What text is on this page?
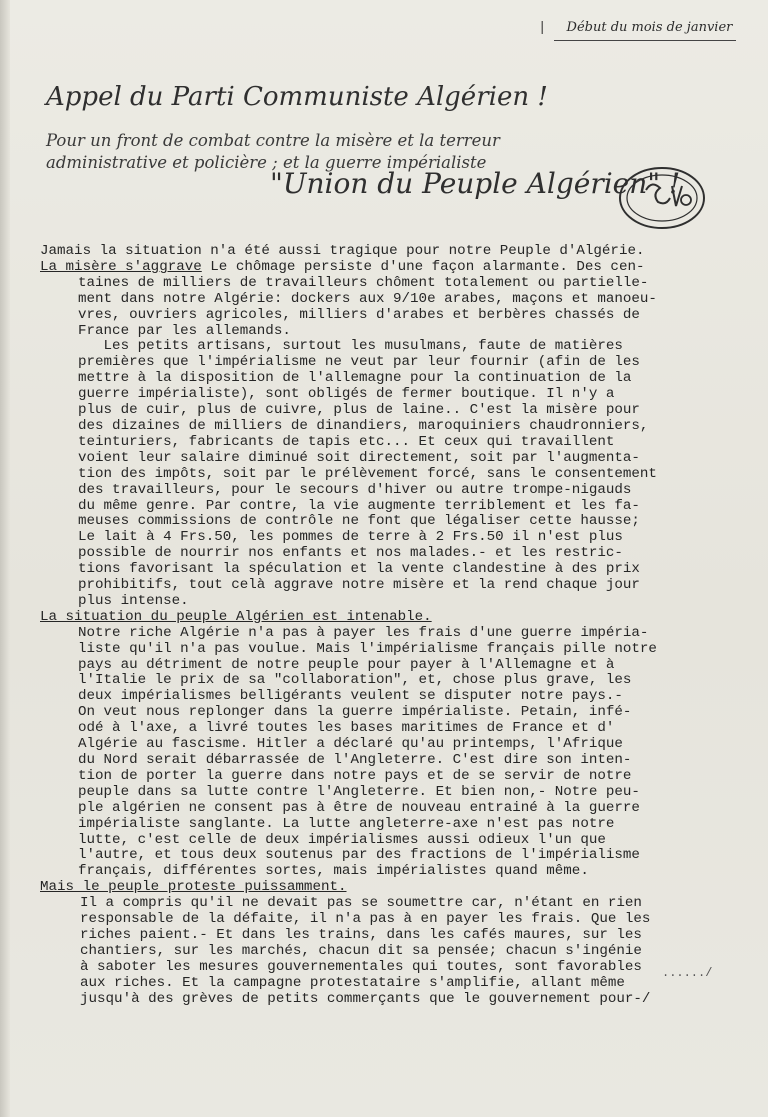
| Début du mois de janvier
Appel du Parti Communiste Algérien !
Pour un front de combat contre la misère et la terreur
administrative et policière ; et la guerre impérialiste
"Union du Peuple Algérien" !
Jamais la situation n'a été aussi tragique pour notre Peuple d'Algérie.
La misère s'aggrave Le chômage persiste d'une façon alarmante. Des cen-
taines de milliers de travailleurs chôment totalement ou partielle-
ment dans notre Algérie: dockers aux 9/10e arabes, maçons et manoeu-
vres, ouvriers agricoles, milliers d'arabes et berbères chassés de
France par les allemands.
Les petits artisans, surtout les musulmans, faute de matières
premières que l'impérialisme ne veut par leur fournir (afin de les
mettre à la disposition de l'allemagne pour la continuation de la
guerre impérialiste), sont obligés de fermer boutique. Il n'y a
plus de cuir, plus de cuivre, plus de laine.. C'est la misère pour
des dizaines de milliers de dinandiers, maroquiniers chaudronniers,
teinturiers, fabricants de tapis etc... Et ceux qui travaillent
voient leur salaire diminué soit directement, soit par l'augmenta-
tion des impôts, soit par le prélèvement forcé, sans le consentement
des travailleurs, pour le secours d'hiver ou autre trompe-nigauds
du même genre. Par contre, la vie augmente terriblement et les fa-
meuses commissions de contrôle ne font que légaliser cette hausse;
Le lait à 4 Frs.50, les pommes de terre à 2 Frs.50 il n'est plus
possible de nourrir nos enfants et nos malades.- et les restric-
tions favorisant la spéculation et la vente clandestine à des prix
prohibitifs, tout celà aggrave notre misère et la rend chaque jour
plus intense.
La situation du peuple Algérien est intenable.
Notre riche Algérie n'a pas à payer les frais d'une guerre impéria-
liste qu'il n'a pas voulue. Mais l'impérialisme français pille notre
pays au détriment de notre peuple pour payer à l'Allemagne et à
l'Italie le prix de sa "collaboration", et, chose plus grave, les
deux impérialismes belligérants veulent se disputer notre pays.-
On veut nous replonger dans la guerre impérialiste. Petain, infé-
odé à l'axe, a livré toutes les bases maritimes de France et d'
Algérie au fascisme. Hitler a déclaré qu'au printemps, l'Afrique
du Nord serait débarrassée de l'Angleterre. C'est dire son inten-
tion de porter la guerre dans notre pays et de se servir de notre
peuple dans sa lutte contre l'Angleterre. Et bien non,- Notre peu-
ple algérien ne consent pas à être de nouveau entrainé à la guerre
impérialiste sanglante. La lutte angleterre-axe n'est pas notre
lutte, c'est celle de deux impérialismes aussi odieux l'un que
l'autre, et tous deux soutenus par des fractions de l'impérialisme
français, différentes sortes, mais impérialistes quand même.
Mais le peuple proteste puissamment.
Il a compris qu'il ne devait pas se soumettre car, n'étant en rien
responsable de la défaite, il n'a pas à en payer les frais. Que les
riches paient.- Et dans les trains, dans les cafés maures, sur les
chantiers, sur les marchés, chacun dit sa pensée; chacun s'ingénie
à saboter les mesures gouvernementales qui toutes, sont favorables
aux riches. Et la campagne protestataire s'amplifie, allant même
jusqu'à des grèves de petits commerçants que le gouvernement pour-/
....../
